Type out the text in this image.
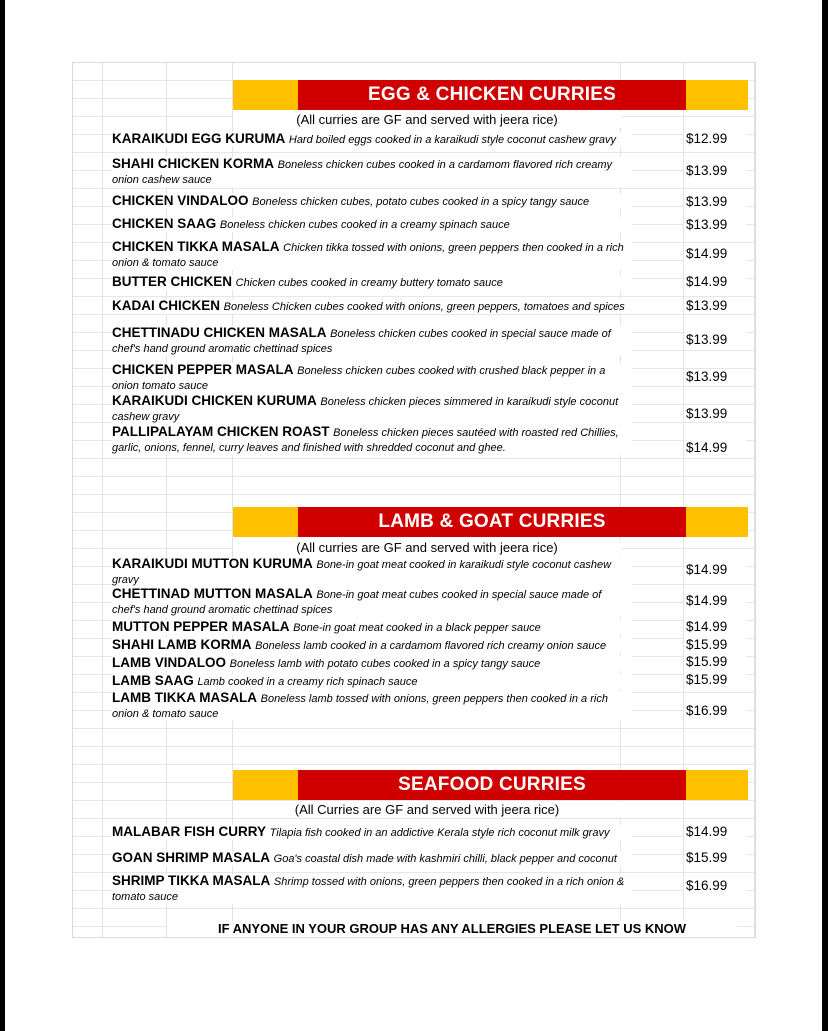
EGG & CHICKEN CURRIES
(All curries are GF and served with jeera rice)
KARAIKUDI EGG KURUMA Hard boiled eggs cooked in a karaikudi style coconut cashew gravy	$12.99
SHAHI CHICKEN KORMA Boneless chicken cubes cooked in a cardamom flavored rich creamy onion cashew sauce
$13.99
CHICKEN VINDALOO Boneless chicken cubes, potato cubes cooked in a spicy tangy sauce	$13.99
CHICKEN SAAG Boneless chicken cubes cooked in a creamy spinach sauce	$13.99
CHICKEN TIKKA MASALA Chicken tikka tossed with onions, green peppers then cooked in a rich onion & tomato sauce
$14.99
BUTTER CHICKEN Chicken cubes cooked in creamy buttery tomato sauce	$14.99
KADAI CHICKEN Boneless Chicken cubes cooked with onions, green peppers, tomatoes and spices	$13.99
CHETTINADU CHICKEN MASALA Boneless chicken cubes cooked in special sauce made of chef's hand ground aromatic chettinad spices
$13.99
CHICKEN PEPPER MASALA Boneless chicken cubes cooked with crushed black pepper in a onion tomato sauce
$13.99
KARAIKUDI CHICKEN KURUMA Boneless chicken pieces simmered in karaikudi style coconut cashew gravy	$13.99
PALLIPALAYAM CHICKEN ROAST Boneless chicken pieces sautéed with roasted red Chillies, garlic, onions, fennel, curry leaves and finished with shredded coconut and ghee.	$14.99
LAMB & GOAT CURRIES
(All curries are GF and served with jeera rice)
KARAIKUDI MUTTON KURUMA Bone-in goat meat cooked in karaikudi style coconut cashew gravy
$14.99
CHETTINAD MUTTON MASALA Bone-in goat meat cubes cooked in special sauce made of chef's hand ground aromatic chettinad spices
$14.99
MUTTON PEPPER MASALA Bone-in goat meat cooked in a black pepper sauce	$14.99
SHAHI LAMB KORMA Boneless lamb cooked in a cardamom flavored rich creamy onion sauce	$15.99
LAMB VINDALOO Boneless lamb with potato cubes cooked in a spicy tangy sauce	$15.99
LAMB SAAG Lamb cooked in a creamy rich spinach sauce	$15.99
LAMB TIKKA MASALA Boneless lamb tossed with onions, green peppers then cooked in a rich onion & tomato sauce	$16.99
SEAFOOD CURRIES
(All Curries are GF and served with jeera rice)
MALABAR FISH CURRY Tilapia fish cooked in an addictive Kerala style rich coconut milk gravy	$14.99
GOAN SHRIMP MASALA Goa's coastal dish made with kashmiri chilli, black pepper and coconut	$15.99
SHRIMP TIKKA MASALA Shrimp tossed with onions, green peppers then cooked in a rich onion & tomato sauce
$16.99
IF ANYONE IN YOUR GROUP HAS ANY ALLERGIES PLEASE LET US KNOW
